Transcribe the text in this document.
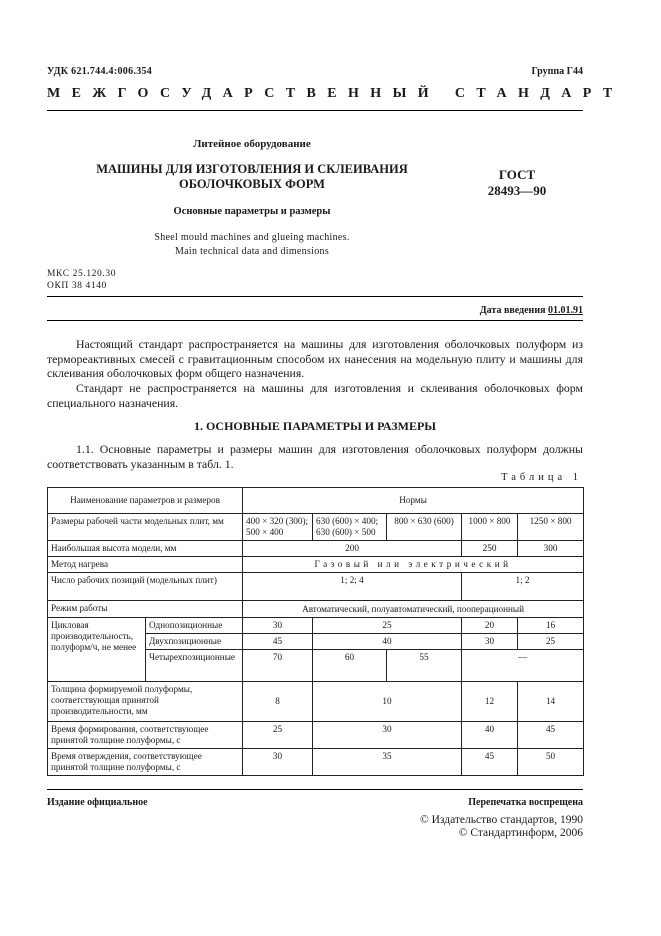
УДК 621.744.4:006.354	Группа Г44
МЕЖГОСУДАРСТВЕННЫЙ СТАНДАРТ
Литейное оборудование
МАШИНЫ ДЛЯ ИЗГОТОВЛЕНИЯ И СКЛЕИВАНИЯ
ОБОЛОЧКОВЫХ ФОРМ
Основные параметры и размеры
Sheel mould machines and glueing machines.
Main technical data and dimensions
ГОСТ
28493—90
МКС 25.120.30
ОКП 38 4140
Дата введения 01.01.91
Настоящий стандарт распространяется на машины для изготовления оболочковых полуформ из термореактивных смесей с гравитационным способом их нанесения на модельную плиту и машины для склеивания оболочковых форм общего назначения.
Стандарт не распространяется на машины для изготовления и склеивания оболочковых форм специального назначения.
1. ОСНОВНЫЕ ПАРАМЕТРЫ И РАЗМЕРЫ
1.1. Основные параметры и размеры машин для изготовления оболочковых полуформ должны соответствовать указанным в табл. 1.
Таблица 1
Наименование параметров и размеров		Нормы				
Размеры рабочей части модельных плит, мм		400 × 320 (300); 500 × 400	630 (600) × 400; 630 (600) × 500	800 × 630 (600)	1000 × 800	1250 × 800
Наибольшая высота модели, мм		200			250	300
Метод нагрева		Газовый или электрический				
Число рабочих позиций (модельных плит)		1; 2; 4			1; 2	
Режим работы		Автоматический, полуавтоматический, пооперационный				
Цикловая производительность, полуформ/ч, не менее	Однопозиционные	30	25		20	16
	Двухпозиционные	45	40		30	25
	Четырехпозиционные	70	60	55	—	
Толщина формируемой полуформы, соответствующая принятой производительности, мм		8	10		12	14
Время формирования, соответствующее принятой толщине полуформы, с		25	30		40	45
Время отверждения, соответствующее принятой толщине полуформы, с		30	35		45	50
Издание официальное	Перепечатка воспрещена
© Издательство стандартов, 1990
© Стандартинформ, 2006
